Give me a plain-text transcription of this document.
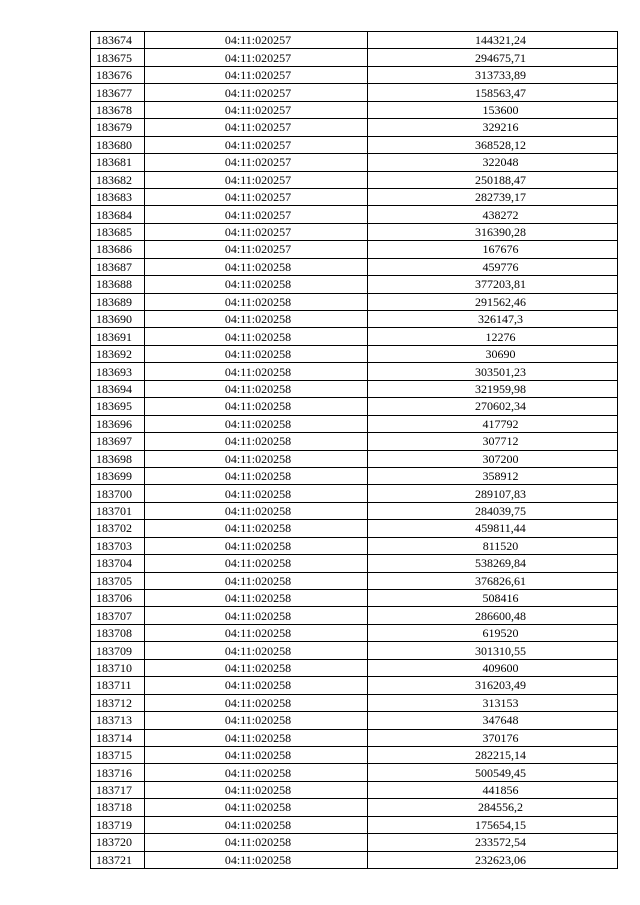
183674	04:11:020257	144321,24
183675	04:11:020257	294675,71
183676	04:11:020257	313733,89
183677	04:11:020257	158563,47
183678	04:11:020257	153600
183679	04:11:020257	329216
183680	04:11:020257	368528,12
183681	04:11:020257	322048
183682	04:11:020257	250188,47
183683	04:11:020257	282739,17
183684	04:11:020257	438272
183685	04:11:020257	316390,28
183686	04:11:020257	167676
183687	04:11:020258	459776
183688	04:11:020258	377203,81
183689	04:11:020258	291562,46
183690	04:11:020258	326147,3
183691	04:11:020258	12276
183692	04:11:020258	30690
183693	04:11:020258	303501,23
183694	04:11:020258	321959,98
183695	04:11:020258	270602,34
183696	04:11:020258	417792
183697	04:11:020258	307712
183698	04:11:020258	307200
183699	04:11:020258	358912
183700	04:11:020258	289107,83
183701	04:11:020258	284039,75
183702	04:11:020258	459811,44
183703	04:11:020258	811520
183704	04:11:020258	538269,84
183705	04:11:020258	376826,61
183706	04:11:020258	508416
183707	04:11:020258	286600,48
183708	04:11:020258	619520
183709	04:11:020258	301310,55
183710	04:11:020258	409600
183711	04:11:020258	316203,49
183712	04:11:020258	313153
183713	04:11:020258	347648
183714	04:11:020258	370176
183715	04:11:020258	282215,14
183716	04:11:020258	500549,45
183717	04:11:020258	441856
183718	04:11:020258	284556,2
183719	04:11:020258	175654,15
183720	04:11:020258	233572,54
183721	04:11:020258	232623,06
